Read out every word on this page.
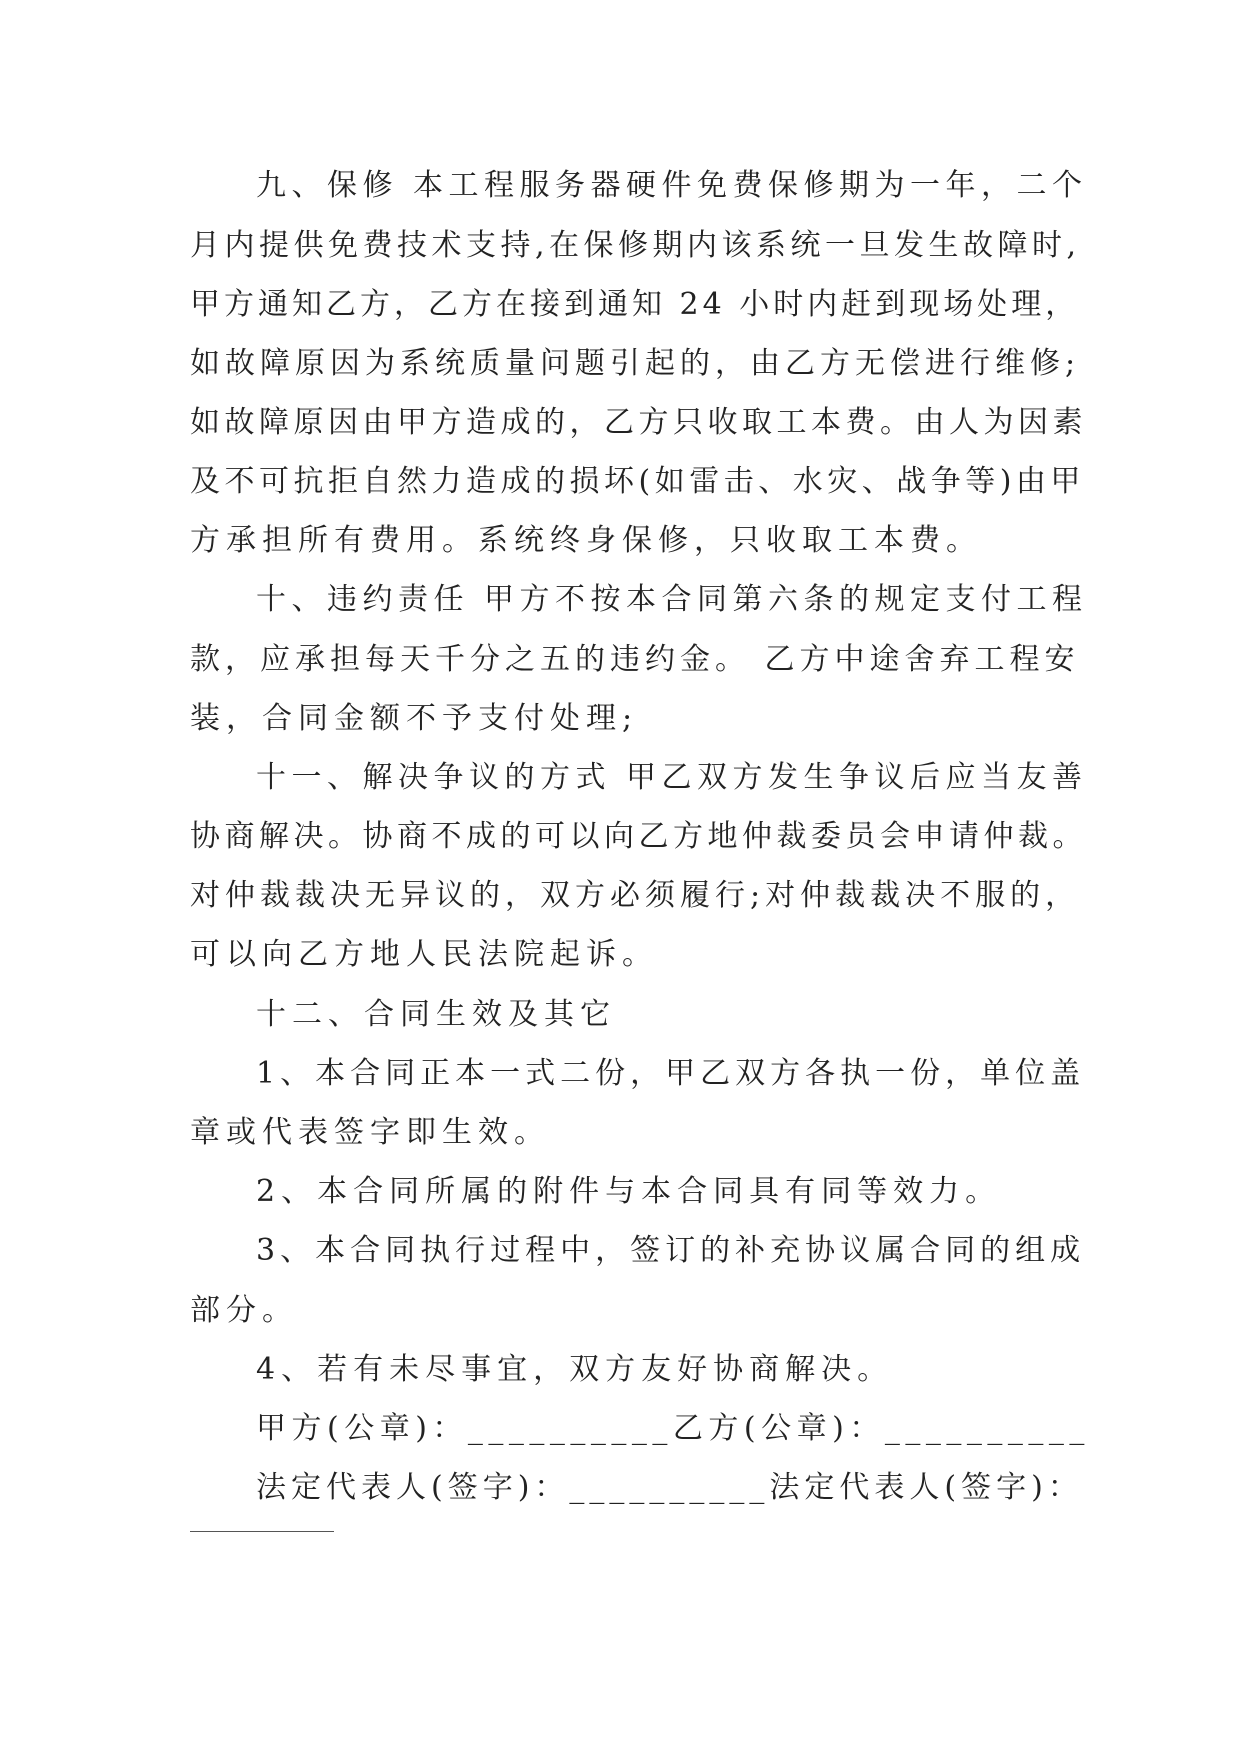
九、保修 本工程服务器硬件免费保修期为一年，二个
月内提供免费技术支持,在保修期内该系统一旦发生故障时,
甲方通知乙方，乙方在接到通知 24 小时内赶到现场处理，
如故障原因为系统质量问题引起的，由乙方无偿进行维修;
如故障原因由甲方造成的，乙方只收取工本费。由人为因素
及不可抗拒自然力造成的损坏(如雷击、水灾、战争等)由甲
方承担所有费用。系统终身保修，只收取工本费。
十、违约责任 甲方不按本合同第六条的规定支付工程
款，应承担每天千分之五的违约金。 乙方中途舍弃工程安
装，合同金额不予支付处理;
十一、解决争议的方式 甲乙双方发生争议后应当友善
协商解决。协商不成的可以向乙方地仲裁委员会申请仲裁。
对仲裁裁决无异议的，双方必须履行;对仲裁裁决不服的，
可以向乙方地人民法院起诉。
十二、合同生效及其它
1、本合同正本一式二份，甲乙双方各执一份，单位盖
章或代表签字即生效。
2、本合同所属的附件与本合同具有同等效力。
3、本合同执行过程中，签订的补充协议属合同的组成
部分。
4、若有未尽事宜，双方友好协商解决。
甲方(公章)：__________乙方(公章)：__________
法定代表人(签字)：__________法定代表人(签字)：
